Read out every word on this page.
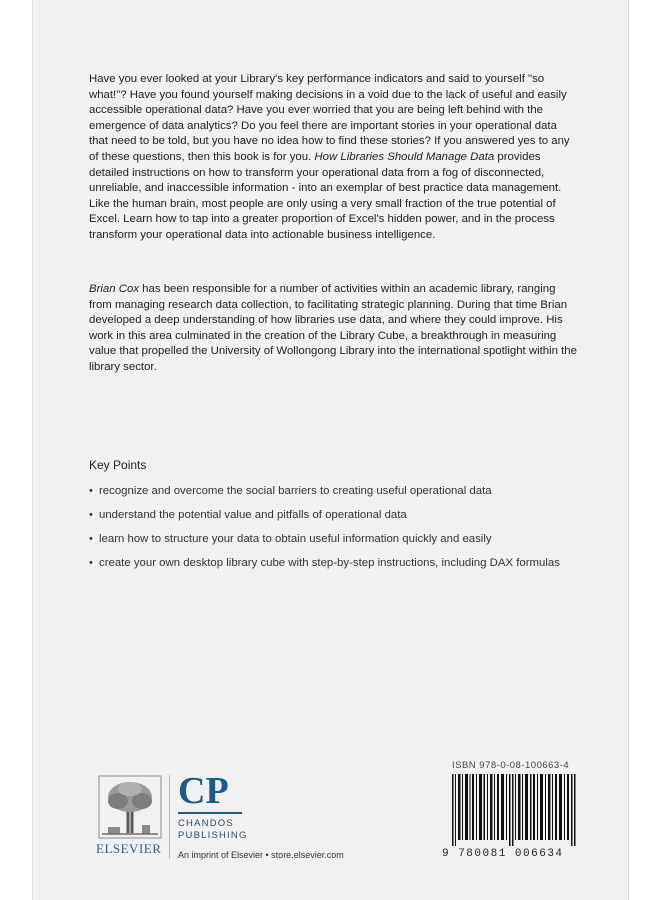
Have you ever looked at your Library's key performance indicators and said to yourself "so what!"? Have you found yourself making decisions in a void due to the lack of useful and easily accessible operational data? Have you ever worried that you are being left behind with the emergence of data analytics? Do you feel there are important stories in your operational data that need to be told, but you have no idea how to find these stories? If you answered yes to any of these questions, then this book is for you. How Libraries Should Manage Data provides detailed instructions on how to transform your operational data from a fog of disconnected, unreliable, and inaccessible information - into an exemplar of best practice data management. Like the human brain, most people are only using a very small fraction of the true potential of Excel. Learn how to tap into a greater proportion of Excel's hidden power, and in the process transform your operational data into actionable business intelligence.

Brian Cox has been responsible for a number of activities within an academic library, ranging from managing research data collection, to facilitating strategic planning. During that time Brian developed a deep understanding of how libraries use data, and where they could improve. His work in this area culminated in the creation of the Library Cube, a breakthrough in measuring value that propelled the University of Wollongong Library into the international spotlight within the library sector.

Key Points

• recognize and overcome the social barriers to creating useful operational data
• understand the potential value and pitfalls of operational data
• learn how to structure your data to obtain useful information quickly and easily
• create your own desktop library cube with step-by-step instructions, including DAX formulas
ELSEVIER
CP
CHANDOS
PUBLISHING
An imprint of Elsevier • store.elsevier.com
ISBN 978-0-08-100663-4
9 780081 006634
